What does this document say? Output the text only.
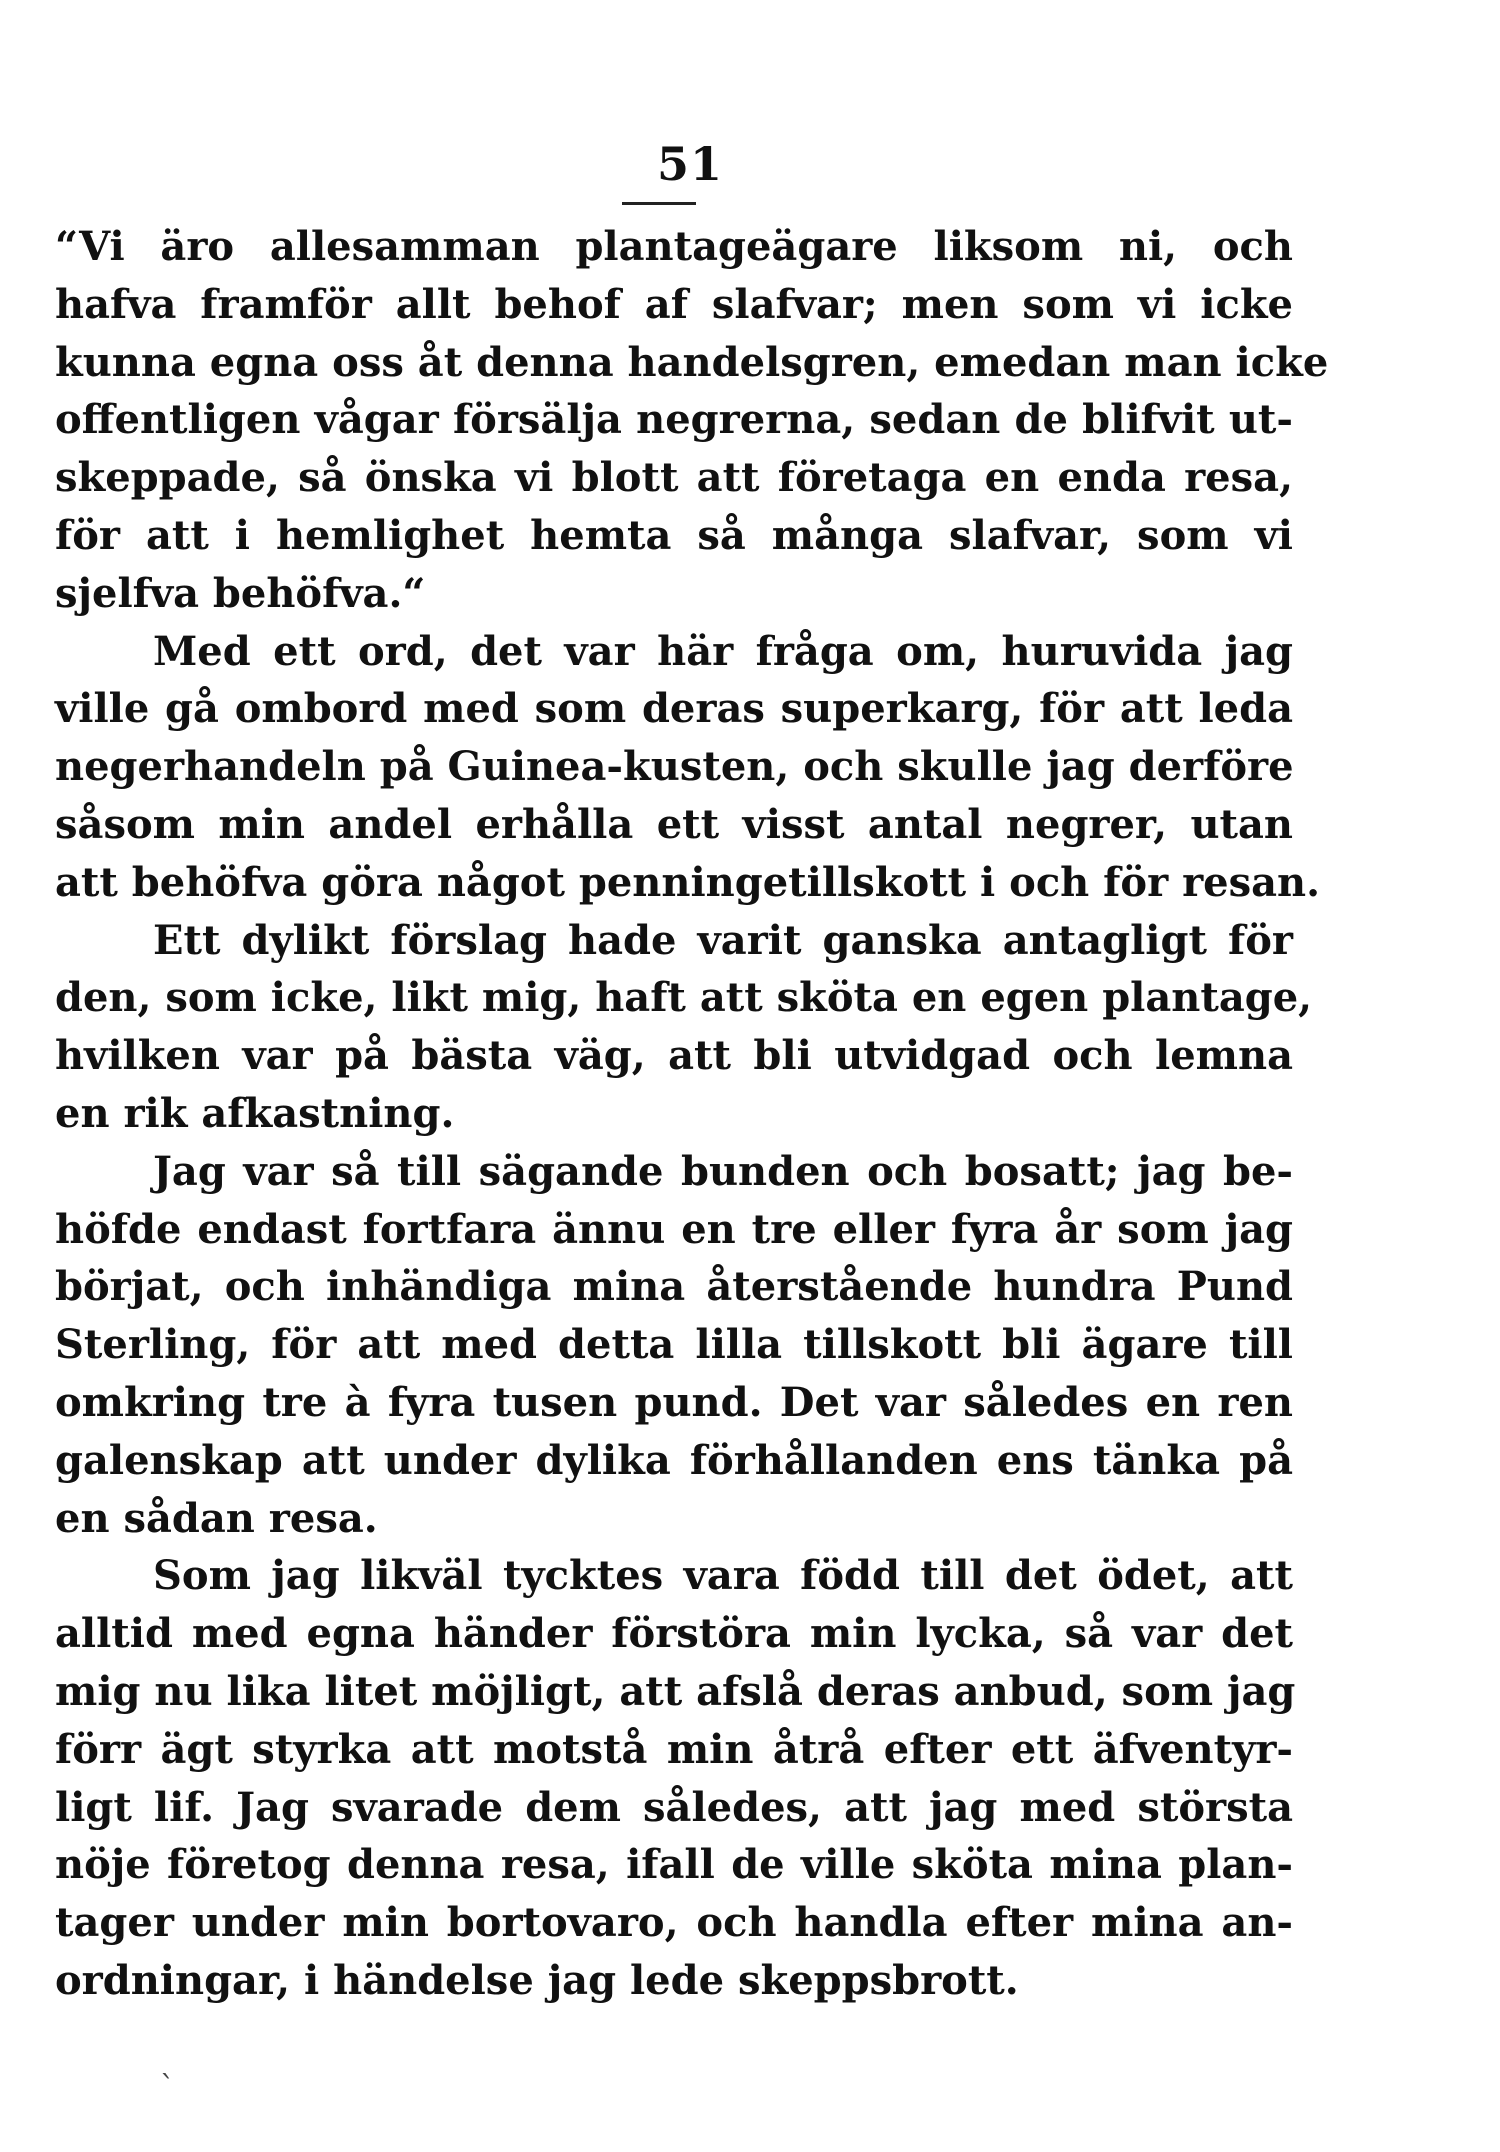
51
“Vi äro allesamman plantageägare liksom ni, och
hafva framför allt behof af slafvar; men som vi icke
kunna egna oss åt denna handelsgren, emedan man icke
offentligen vågar försälja negrerna, sedan de blifvit ut-
skeppade, så önska vi blott att företaga en enda resa,
för att i hemlighet hemta så många slafvar, som vi
sjelfva behöfva.“
Med ett ord, det var här fråga om, huruvida jag
ville gå ombord med som deras superkarg, för att leda
negerhandeln på Guinea-kusten, och skulle jag derföre
såsom min andel erhålla ett visst antal negrer, utan
att behöfva göra något penningetillskott i och för resan.
Ett dylikt förslag hade varit ganska antagligt för
den, som icke, likt mig, haft att sköta en egen plantage,
hvilken var på bästa väg, att bli utvidgad och lemna
en rik afkastning.
Jag var så till sägande bunden och bosatt; jag be-
höfde endast fortfara ännu en tre eller fyra år som jag
börjat, och inhändiga mina återstående hundra Pund
Sterling, för att med detta lilla tillskott bli ägare till
omkring tre à fyra tusen pund. Det var således en ren
galenskap att under dylika förhållanden ens tänka på
en sådan resa.
Som jag likväl tycktes vara född till det ödet, att
alltid med egna händer förstöra min lycka, så var det
mig nu lika litet möjligt, att afslå deras anbud, som jag
förr ägt styrka att motstå min åtrå efter ett äfventyr-
ligt lif. Jag svarade dem således, att jag med största
nöje företog denna resa, ifall de ville sköta mina plan-
tager under min bortovaro, och handla efter mina an-
ordningar, i händelse jag lede skeppsbrott.
ˋ
